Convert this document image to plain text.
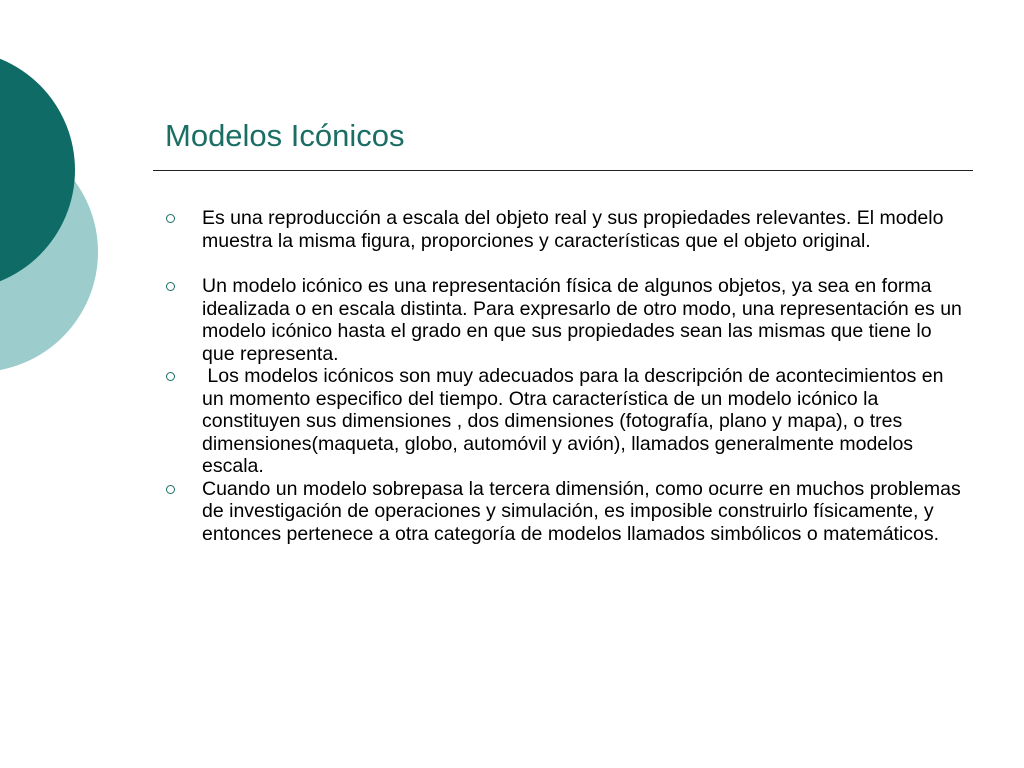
Modelos Icónicos
Es una reproducción a escala del objeto real y sus propiedades relevantes. El modelo muestra la misma figura, proporciones y características que el objeto original.
Un modelo icónico es una representación física de algunos objetos, ya sea en forma idealizada o en escala distinta. Para expresarlo de otro modo, una representación es un modelo icónico hasta el grado en que sus propiedades sean las mismas que tiene lo que representa.
Los modelos icónicos son muy adecuados para la descripción de acontecimientos en un momento especifico del tiempo. Otra característica de un modelo icónico la constituyen sus dimensiones , dos dimensiones (fotografía, plano y mapa), o tres dimensiones(maqueta, globo, automóvil y avión), llamados generalmente modelos escala.
Cuando un modelo sobrepasa la tercera dimensión, como ocurre en muchos problemas de investigación de operaciones y simulación, es imposible construirlo físicamente, y entonces pertenece a otra categoría de modelos llamados simbólicos o matemáticos.
